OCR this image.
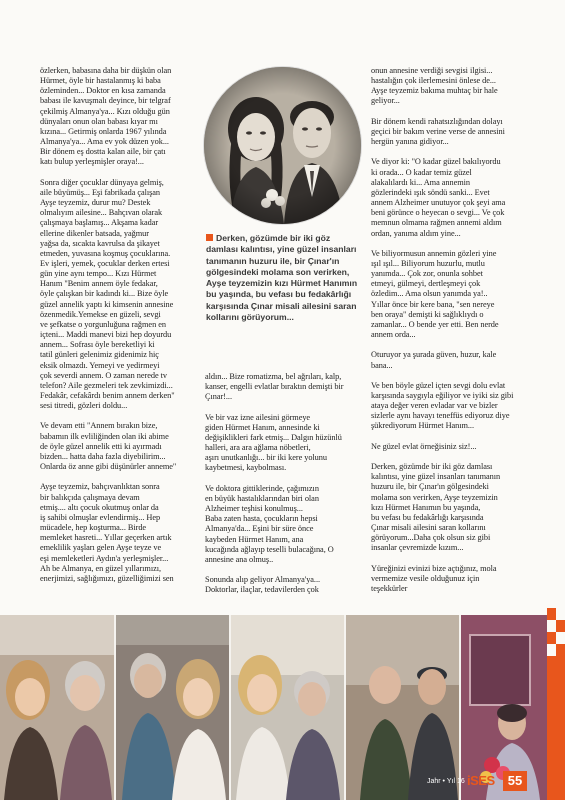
özlerken, babasına daha bir düşkün olan
Hürmet, öyle bir hastalanmış ki baba
özleminden... Doktor en kısa zamanda
babası ile kavuşmalı deyince, bir telgraf
çekilmiş Almanya'ya... Kızı olduğu gün
dünyaları onun olan babası kıyar mı
kızına... Getirmiş onlarda 1967 yılında
Almanya'ya... Ama ev yok düzen yok...
Bir dönem eş dostta kalan aile, bir çatı
katı bulup yerleşmişler oraya!...

Sonra diğer çocuklar dünyaya gelmiş,
aile büyümüş... Eşi fabrikada çalışan
Ayşe teyzemiz, durur mu? Destek
olmalıyım ailesine... Bahçıvan olarak
çalışmaya başlamış... Akşama kadar
ellerine dikenler batsada, yağmur
yağsa da, sıcakta kavrulsa da şikayet
etmeden, yuvasına koşmuş çocuklarına.
Ev işleri, yemek, çocuklar derken ertesi
gün yine aynı tempo... Kızı Hürmet
Hanım "Benim annem öyle fedakar,
öyle çalışkan bir kadındı ki... Bize öyle
güzel annelik yaptı ki kimsenin annesine
özenmedik.Yemekse en güzeli, sevgi
ve şefkatse o yorgunluğuna rağmen en
içteni... Maddi manevi bizi hep doyurdu
annem... Sofrası öyle bereketliyi ki
tatil günleri gelenimiz gidenimiz hiç
eksik olmazdı. Yemeyi ve yedirmeyi
çok severdi annem. O zaman nerede tv
telefon? Aile gezmeleri tek zevkimizdi...
Fedakâr, cefakârdı benim annem derken"
sesi titredi, gözleri doldu...

Ve devam etti "Annem bırakın bize,
babamın ilk evliliğinden olan iki abime
de öyle güzel annelik etti ki ayırmadı
bizden... hatta daha fazla diyebilirim...
Onlarda öz anne gibi düşünürler anneme"

Ayşe teyzemiz, bahçıvanlıktan sonra
bir balıkçıda çalışmaya devam
etmiş.... altı çocuk okutmuş onlar da
iş sahibi olmuşlar evlendirmiş... Hep
mücadele, hep koşturma... Birde
memleket hasreti... Yıllar geçerken artık
emeklilik yaşları gelen Ayşe teyze ve
eşi memleketleri Aydın'a yerleşmişler...
Ah be Almanya, en güzel yıllarımızı,
enerjimizi, sağlığımızı, güzelliğimizi sen
Derken, gözümde bir iki göz
damlası kalıntısı, yine güzel insanları
tanımanın huzuru ile, bir Çınar'ın
gölgesindeki molama son verirken,
Ayşe teyzemizin kızı Hürmet Hanımın
bu yaşında, bu vefası bu fedakârlığı
karşısında Çınar misali ailesini saran
kollarını görüyorum...
aldın... Bize romatizma, bel ağrıları, kalp,
kanser, engelli evlatlar bıraktın demişti bir
Çınar!...

Ve bir vaz izne ailesini görmeye
giden Hürmet Hanım, annesinde ki
değişiklikleri fark etmiş... Dalgın hüzünlü
halleri, ara ara ağlama nöbetleri,
aşırı unutkanlığı... bir iki kere yolunu
kaybetmesi, kaybolması.

Ve doktora gittiklerinde, çağımızın
en büyük hastalıklarından biri olan
Alzheimer teşhisi konulmuş...
Baba zaten hasta, çocukların hepsi
Almanya'da... Eşini bir süre önce
kaybeden Hürmet Hanım, ana
kucağında ağlayıp teselli bulacağına, O
annesine ana olmuş..

Sonunda alıp geliyor Almanya'ya...
Doktorlar, ilaçlar, tedavilerden çok
onun annesine verdiği sevgisi ilgisi...
hastalığın çok ilerlemesini önlese de...
Ayşe teyzemiz bakıma muhtaç bir hale
geliyor...

Bir dönem kendi rahatsızlığından dolayı
geçici bir bakım verine verse de annesini
hergün yanına gidiyor...

Ve diyor ki: "O kadar güzel bakılıyordu
ki orada... O kadar temiz güzel
alakalılardı ki... Ama annemin
gözlerindeki ışık söndü sanki... Evet
annem Alzheimer unutuyor çok şeyi ama
beni görünce o heyecan o sevgi... Ve çok
memnun olmama rağmen annemi aldım
ordan, yanıma aldım yine...

Ve biliyormusun annemin gözleri yine
ışıl ışıl... Biliyorum huzurlu, mutlu
yanımda... Çok zor, onunla sohbet
etmeyi, gülmeyi, dertleşmeyi çok
özledim... Ama olsun yanımda ya!..
Yıllar önce bir kere bana, "sen nereye
ben oraya" demişti ki sağlıklıydı o
zamanlar... O bende yer etti. Ben nerde
annem orda...

Oturuyor ya şurada güven, huzur, kale
bana...

Ve ben böyle güzel içten sevgi dolu evlat
karşısında saygıyla eğiliyor ve iyiki siz gibi
ataya değer veren evladar var ve bizler
sizlerle aynı havayı teneffüs ediyoruz diye
şükrediyorum Hürmet Hanım...

Ne güzel evlat örneğisiniz siz!...

Derken, gözümde bir iki göz damlası
kalıntısı, yine güzel insanları tanımanın
huzuru ile, bir Çınar'ın gölgesindeki
molama son verirken, Ayşe teyzemizin
kızı Hürmet Hanımın bu yaşında,
bu vefası bu fedakârlığı karşısında
Çınar misali ailesini saran kollarını
görüyorum...Daha çok olsun siz gibi
insanlar çevremizde kızım...

Yüreğinizi evinizi bize açtığınız, mola
vermemize vesile olduğunuz için
teşekkürler
Jahr • Yıl 16 iSES	55
